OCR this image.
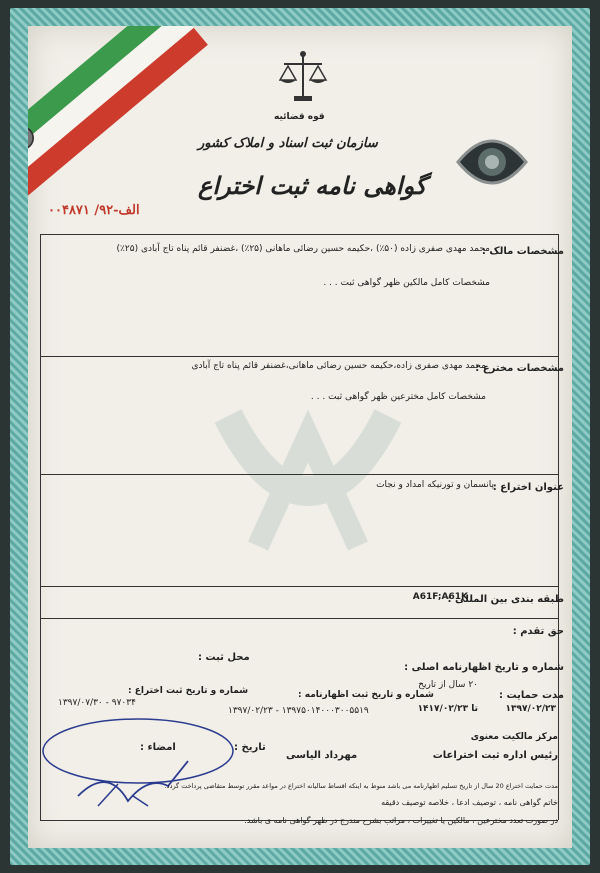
قوه قضائیه
سازمان ثبت اسناد و املاک کشور
گواهی نامه ثبت اختراع
الف-۹۲/ ۰۰۴۸۷۱
مشخصات مالک :
محمد مهدی صفری زاده (۵۰٪) ،حکیمه حسین رضائی ماهانی (۲۵٪) ،غضنفر قائم پناه تاج آبادی (۲۵٪)
مشخصات کامل مالکین ظهر گواهی ثبت . . .
مشخصات مخترع :
محمد مهدی صفری زاده،حکیمه حسین رضائی ماهانی،غضنفر قائم پناه تاج آبادی
مشخصات کامل مخترعین ظهر گواهی ثبت . . .
عنوان اختراع :
پانسمان و تورنیکه امداد و نجات
طبقه بندی بین المللی :
A61F;A61K
حق تقدم :
شماره و تاریخ اظهارنامه اصلی :
محل ثبت :
مدت حمایت :
۲۰ سال از تاریخ
۱۳۹۷/۰۲/۲۳
تا ۱۴۱۷/۰۲/۲۳
شماره و تاریخ ثبت اظهارنامه :
۱۳۹۷۵۰۱۴۰۰۰۳۰۰۵۵۱۹ - ۱۳۹۷/۰۲/۲۳
شماره و تاریخ ثبت اختراع :
۹۷۰۳۴ - ۱۳۹۷/۰۷/۳۰
مرکز مالکیت معنوی
رئیس اداره ثبت اختراعات
مهرداد الیاسی
تاریخ :
امضاء :
مدت حمایت اختراع 20 سال از تاریخ تسلیم اظهارنامه می باشد منوط به اینکه اقساط سالیانه اختراع در مواعد مقرر توسط متقاضی پرداخت گردد.
خاتم گواهی نامه ، توصیف ادعا ، خلاصه توصیف دقیقه
در صورت تعدد مخترعین ، مالکین یا تغییرات ، مراتب بشرح مندرج در ظهر گواهی نامه ی باشد.
